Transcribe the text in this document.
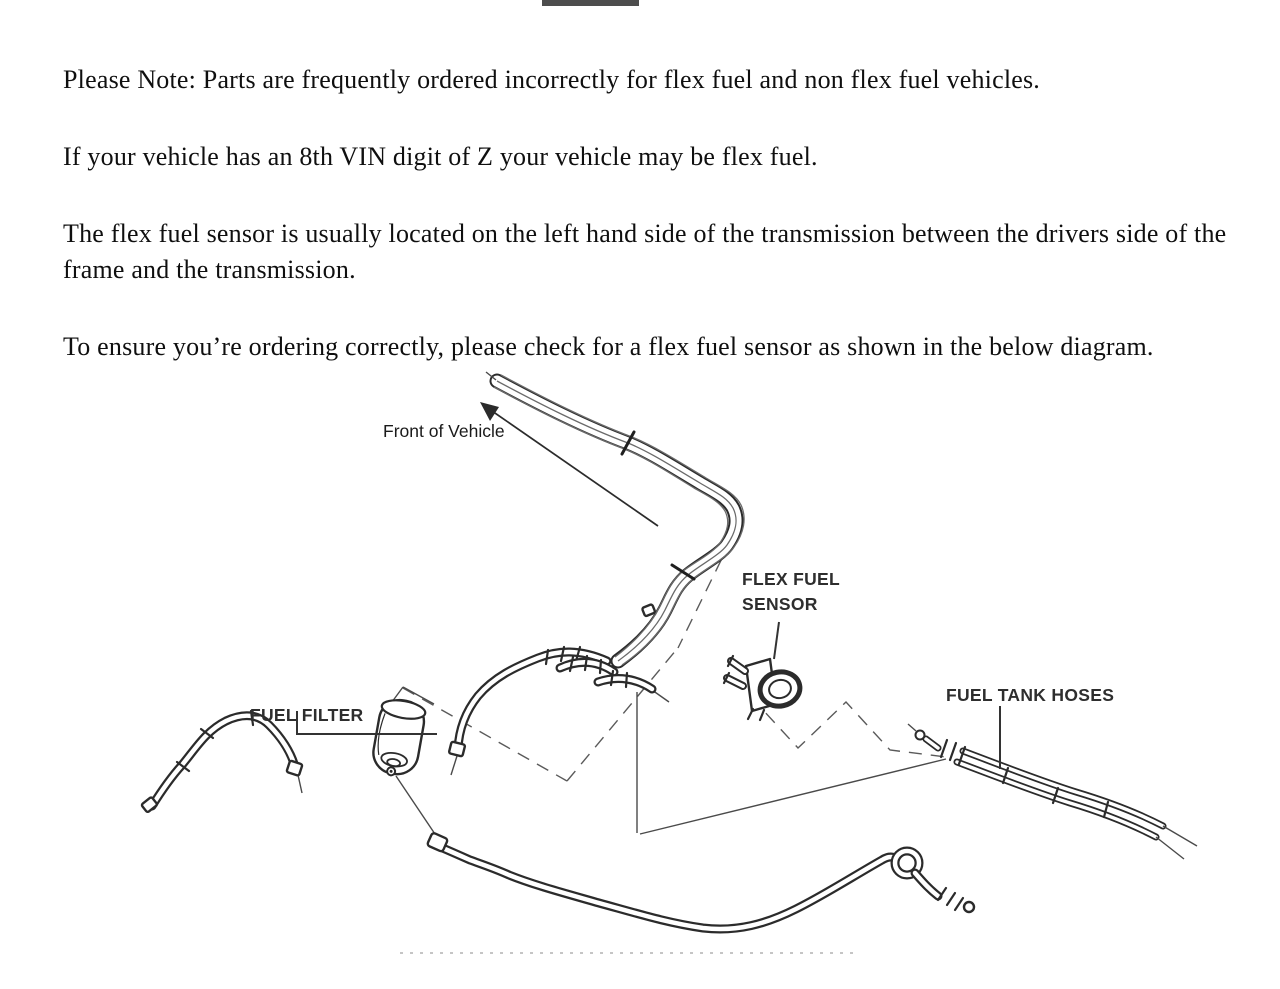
Please Note: Parts are frequently ordered incorrectly for flex fuel and non flex fuel vehicles.

If your vehicle has an 8th VIN digit of Z your vehicle may be flex fuel.

The flex fuel sensor is usually located on the left hand side of the transmission between the drivers side of the frame and the transmission.

To ensure you’re ordering correctly, please check for a flex fuel sensor as shown in the below diagram.

Front of Vehicle
FLEX FUEL
SENSOR
FUEL TANK HOSES
FUEL FILTER
